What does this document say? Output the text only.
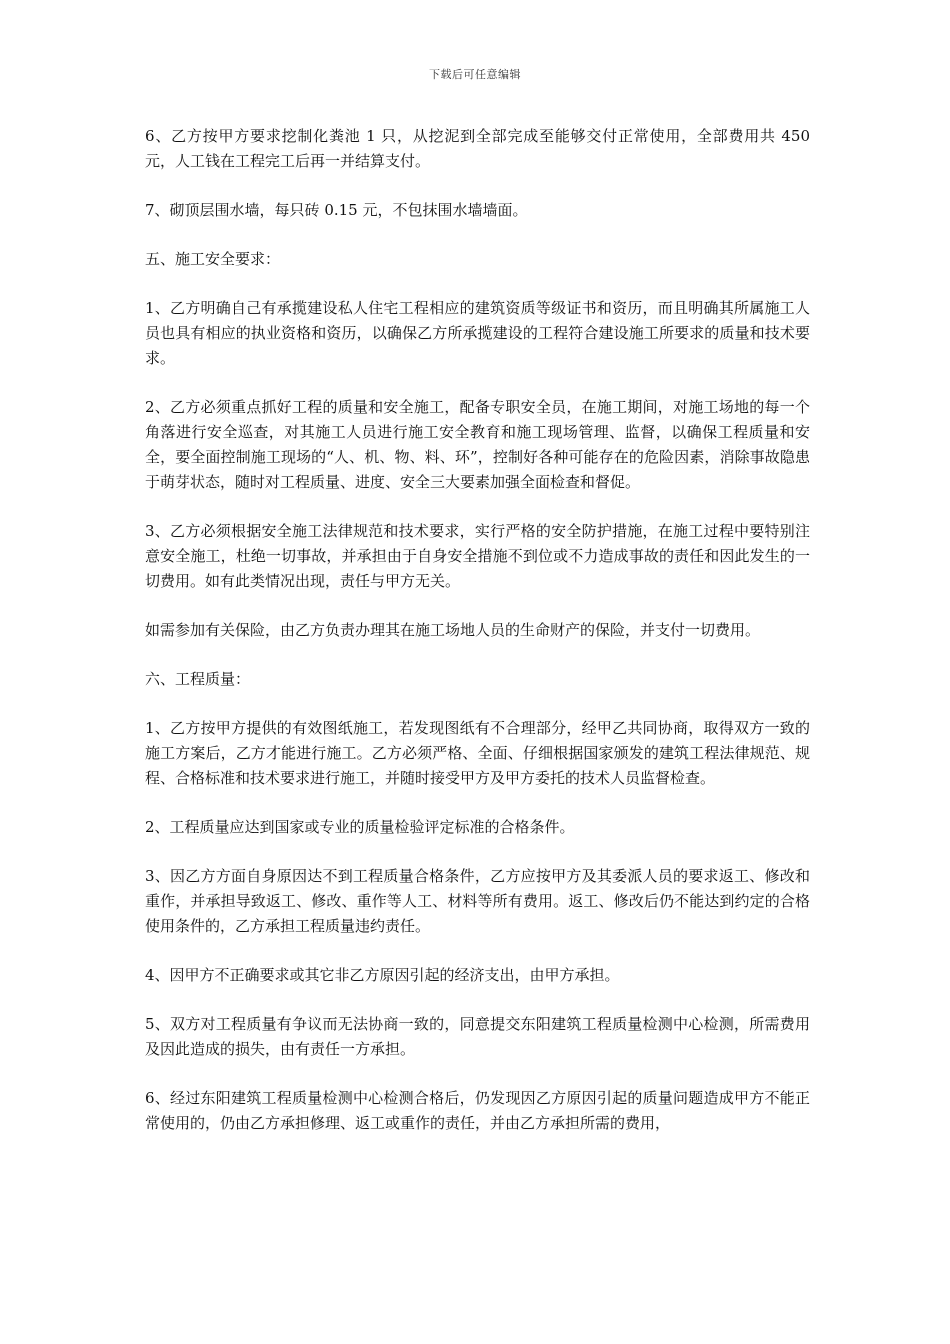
下载后可任意编辑

6、乙方按甲方要求挖制化粪池 1 只，从挖泥到全部完成至能够交付正常使用，全部费用共 450 元，人工钱在工程完工后再一并结算支付。

7、砌顶层围水墙，每只砖 0.15 元，不包抹围水墙墙面。

五、施工安全要求：

1、乙方明确自己有承揽建设私人住宅工程相应的建筑资质等级证书和资历，而且明确其所属施工人员也具有相应的执业资格和资历，以确保乙方所承揽建设的工程符合建设施工所要求的质量和技术要求。

2、乙方必须重点抓好工程的质量和安全施工，配备专职安全员，在施工期间，对施工场地的每一个角落进行安全巡查，对其施工人员进行施工安全教育和施工现场管理、监督，以确保工程质量和安全，要全面控制施工现场的“人、机、物、料、环”，控制好各种可能存在的危险因素，消除事故隐患于萌芽状态，随时对工程质量、进度、安全三大要素加强全面检查和督促。

3、乙方必须根据安全施工法律规范和技术要求，实行严格的安全防护措施，在施工过程中要特别注意安全施工，杜绝一切事故，并承担由于自身安全措施不到位或不力造成事故的责任和因此发生的一切费用。如有此类情况出现，责任与甲方无关。

如需参加有关保险，由乙方负责办理其在施工场地人员的生命财产的保险，并支付一切费用。

六、工程质量：

1、乙方按甲方提供的有效图纸施工，若发现图纸有不合理部分，经甲乙共同协商，取得双方一致的施工方案后，乙方才能进行施工。乙方必须严格、全面、仔细根据国家颁发的建筑工程法律规范、规程、合格标准和技术要求进行施工，并随时接受甲方及甲方委托的技术人员监督检查。

2、工程质量应达到国家或专业的质量检验评定标准的合格条件。

3、因乙方方面自身原因达不到工程质量合格条件，乙方应按甲方及其委派人员的要求返工、修改和重作，并承担导致返工、修改、重作等人工、材料等所有费用。返工、修改后仍不能达到约定的合格使用条件的，乙方承担工程质量违约责任。

4、因甲方不正确要求或其它非乙方原因引起的经济支出，由甲方承担。

5、双方对工程质量有争议而无法协商一致的，同意提交东阳建筑工程质量检测中心检测，所需费用及因此造成的损失，由有责任一方承担。

6、经过东阳建筑工程质量检测中心检测合格后，仍发现因乙方原因引起的质量问题造成甲方不能正常使用的，仍由乙方承担修理、返工或重作的责任，并由乙方承担所需的费用，
